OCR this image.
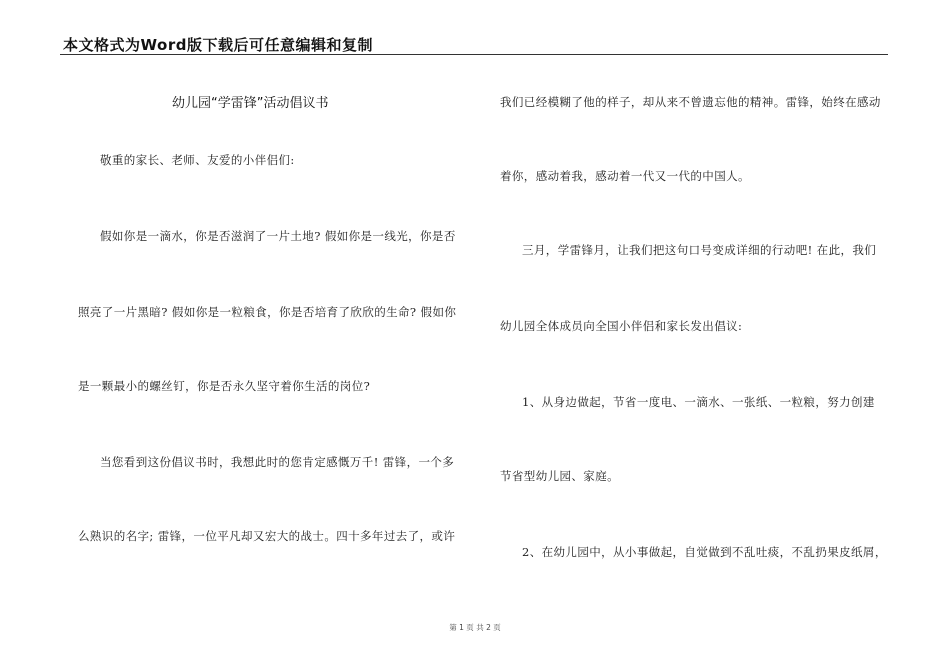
本文格式为Word版下载后可任意编辑和复制
幼儿园“学雷锋”活动倡议书
敬重的家长、老师、友爱的小伴侣们:
假如你是一滴水，你是否滋润了一片土地? 假如你是一线光，你是否
照亮了一片黑暗? 假如你是一粒粮食，你是否培育了欣欣的生命? 假如你
是一颗最小的螺丝钉，你是否永久坚守着你生活的岗位?
当您看到这份倡议书时，我想此时的您肯定感慨万千! 雷锋，一个多
么熟识的名字; 雷锋，一位平凡却又宏大的战士。四十多年过去了，或许
我们已经模糊了他的样子，却从来不曾遗忘他的精神。雷锋，始终在感动
着你，感动着我，感动着一代又一代的中国人。
三月，学雷锋月，让我们把这句口号变成详细的行动吧! 在此，我们
幼儿园全体成员向全国小伴侣和家长发出倡议:
1、从身边做起，节省一度电、一滴水、一张纸、一粒粮，努力创建
节省型幼儿园、家庭。
2、在幼儿园中，从小事做起，自觉做到不乱吐痰，不乱扔果皮纸屑，
第 1 页 共 2 页
